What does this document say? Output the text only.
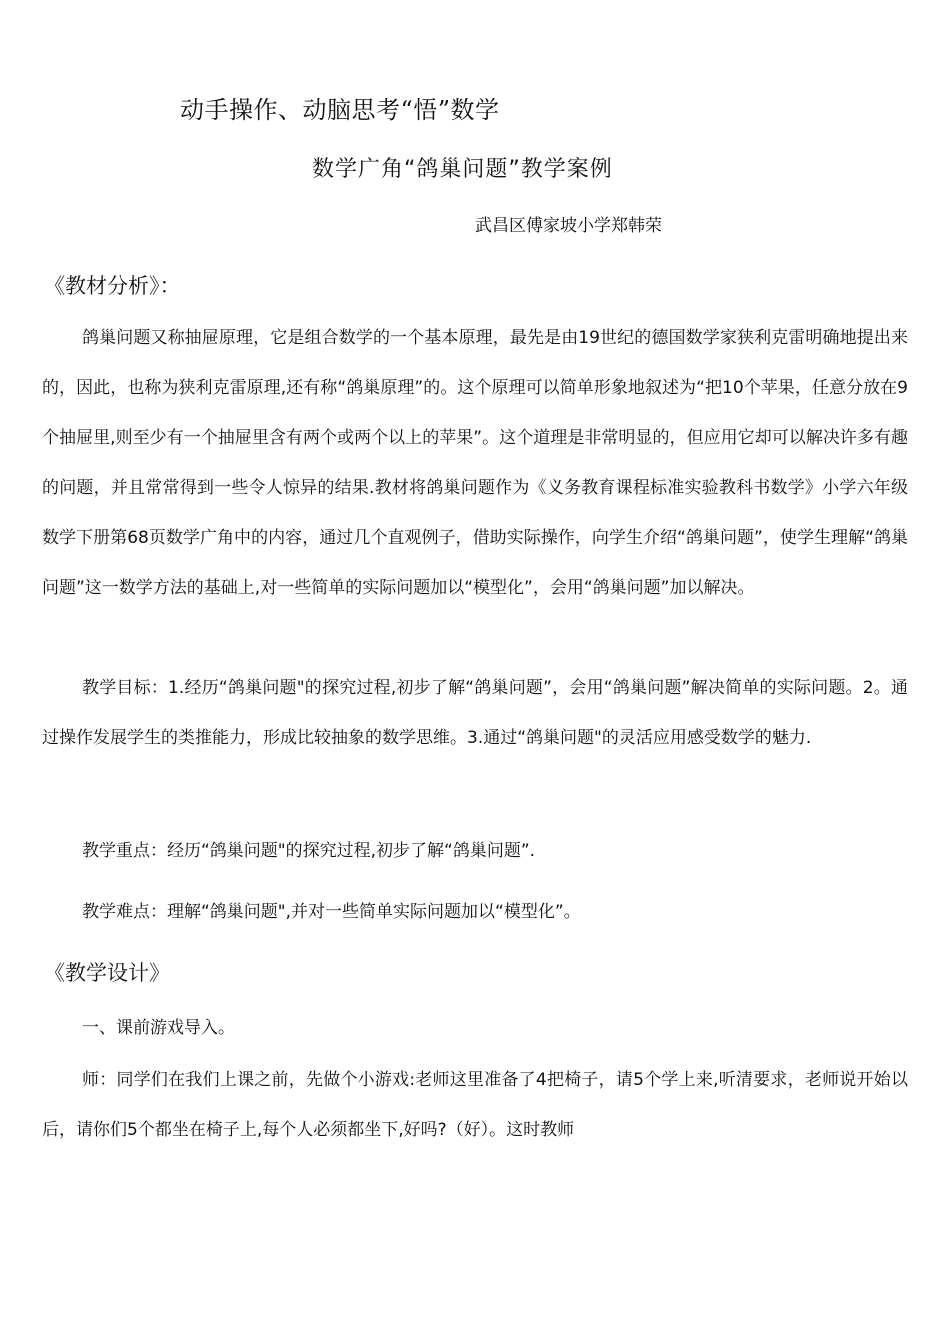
动手操作、动脑思考“悟”数学
数学广角“鸽巢问题”教学案例
武昌区傅家坡小学郑韩荣
《教材分析》：

鸽巢问题又称抽屉原理，它是组合数学的一个基本原理，最先是由19世纪的德国数学家狭利克雷明确地提出来的，因此，也称为狭利克雷原理,还有称“鸽巢原理”的。这个原理可以简单形象地叙述为“把10个苹果，任意分放在9个抽屉里,则至少有一个抽屉里含有两个或两个以上的苹果”。这个道理是非常明显的，但应用它却可以解决许多有趣的问题，并且常常得到一些令人惊异的结果.教材将鸽巢问题作为《义务教育课程标准实验教科书数学》小学六年级数学下册第68页数学广角中的内容，通过几个直观例子，借助实际操作，向学生介绍“鸽巢问题”，使学生理解“鸽巢问题”这一数学方法的基础上,对一些简单的实际问题加以“模型化”，会用“鸽巢问题”加以解决。

教学目标：1.经历“鸽巢问题"的探究过程,初步了解“鸽巢问题”，会用“鸽巢问题”解决简单的实际问题。2。通过操作发展学生的类推能力，形成比较抽象的数学思维。3.通过“鸽巢问题"的灵活应用感受数学的魅力.

教学重点：经历“鸽巢问题"的探究过程,初步了解“鸽巢问题”.
教学难点：理解“鸽巢问题",并对一些简单实际问题加以“模型化”。
《教学设计》
一、课前游戏导入。

师：同学们在我们上课之前，先做个小游戏:老师这里准备了4把椅子，请5个学上来,听清要求，老师说开始以后，请你们5个都坐在椅子上,每个人必须都坐下,好吗?（好）。这时教师
